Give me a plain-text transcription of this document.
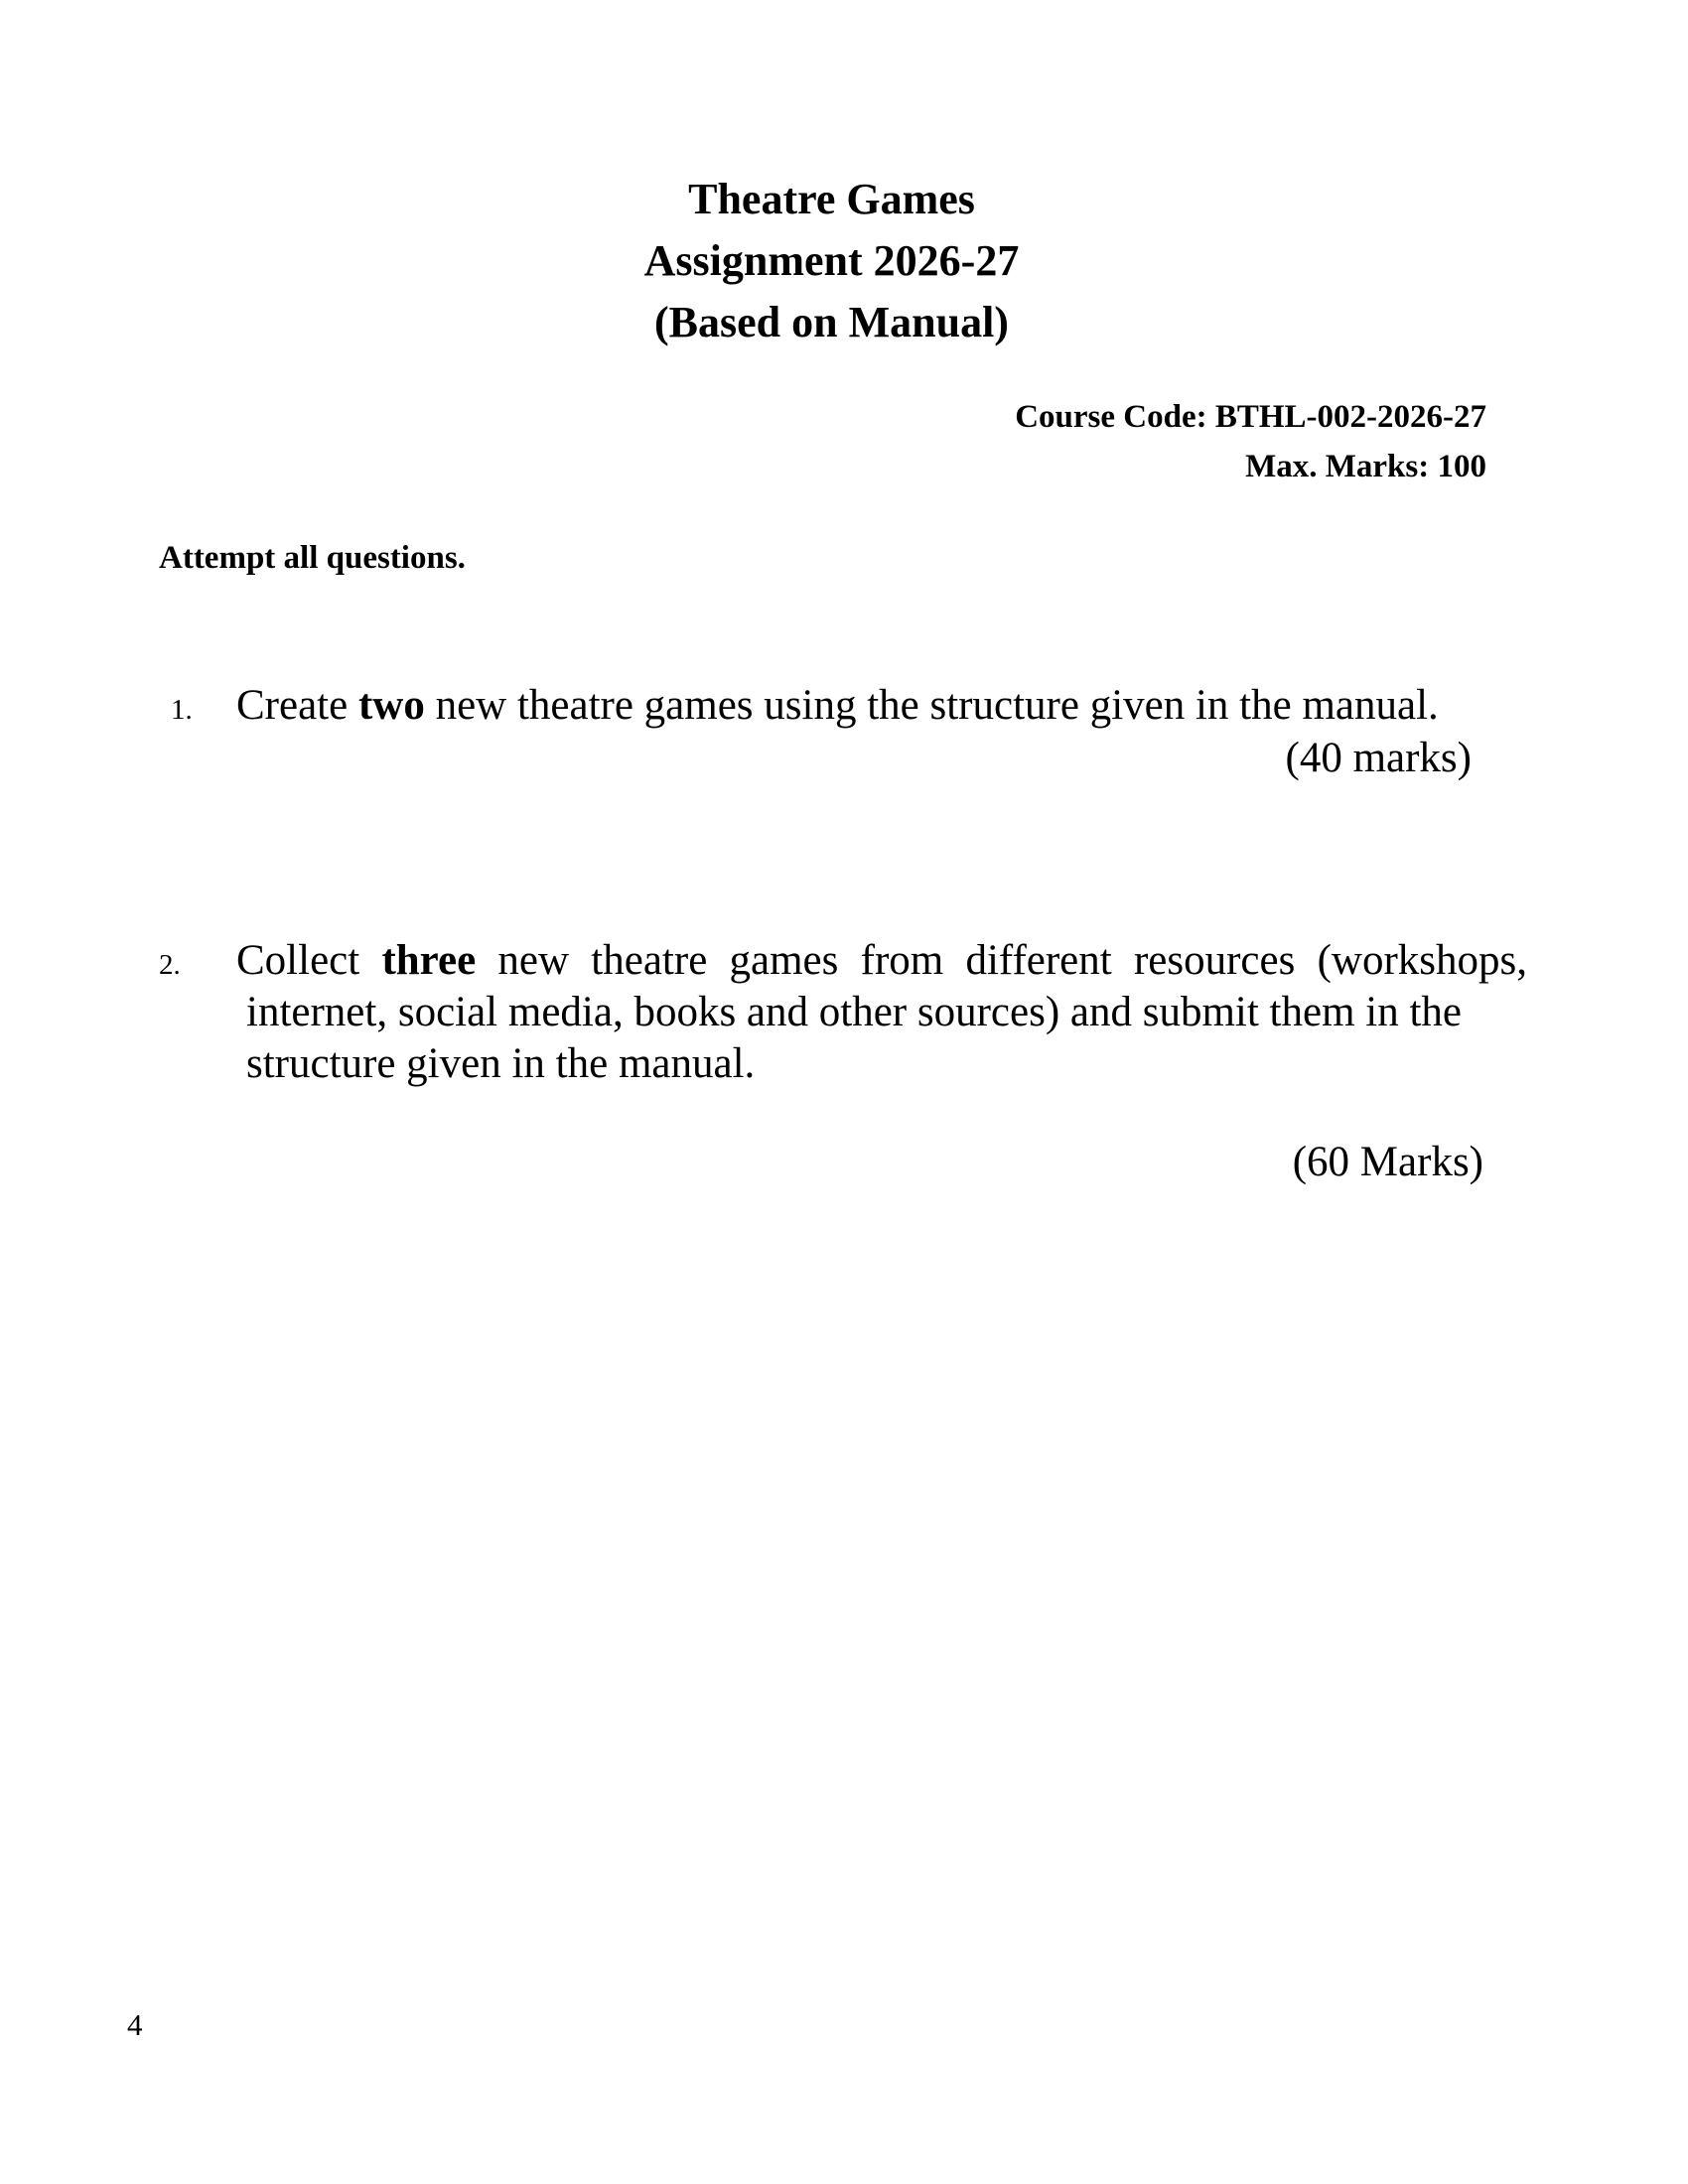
Theatre Games
Assignment 2026-27
(Based on Manual)
Course Code: BTHL-002-2026-27
Max. Marks: 100
Attempt all questions.
1. Create two new theatre games using the structure given in the manual.
(40 marks)
2. Collect three new theatre games from different resources (workshops,
internet, social media, books and other sources) and submit them in the
structure given in the manual.
(60 Marks)
4
